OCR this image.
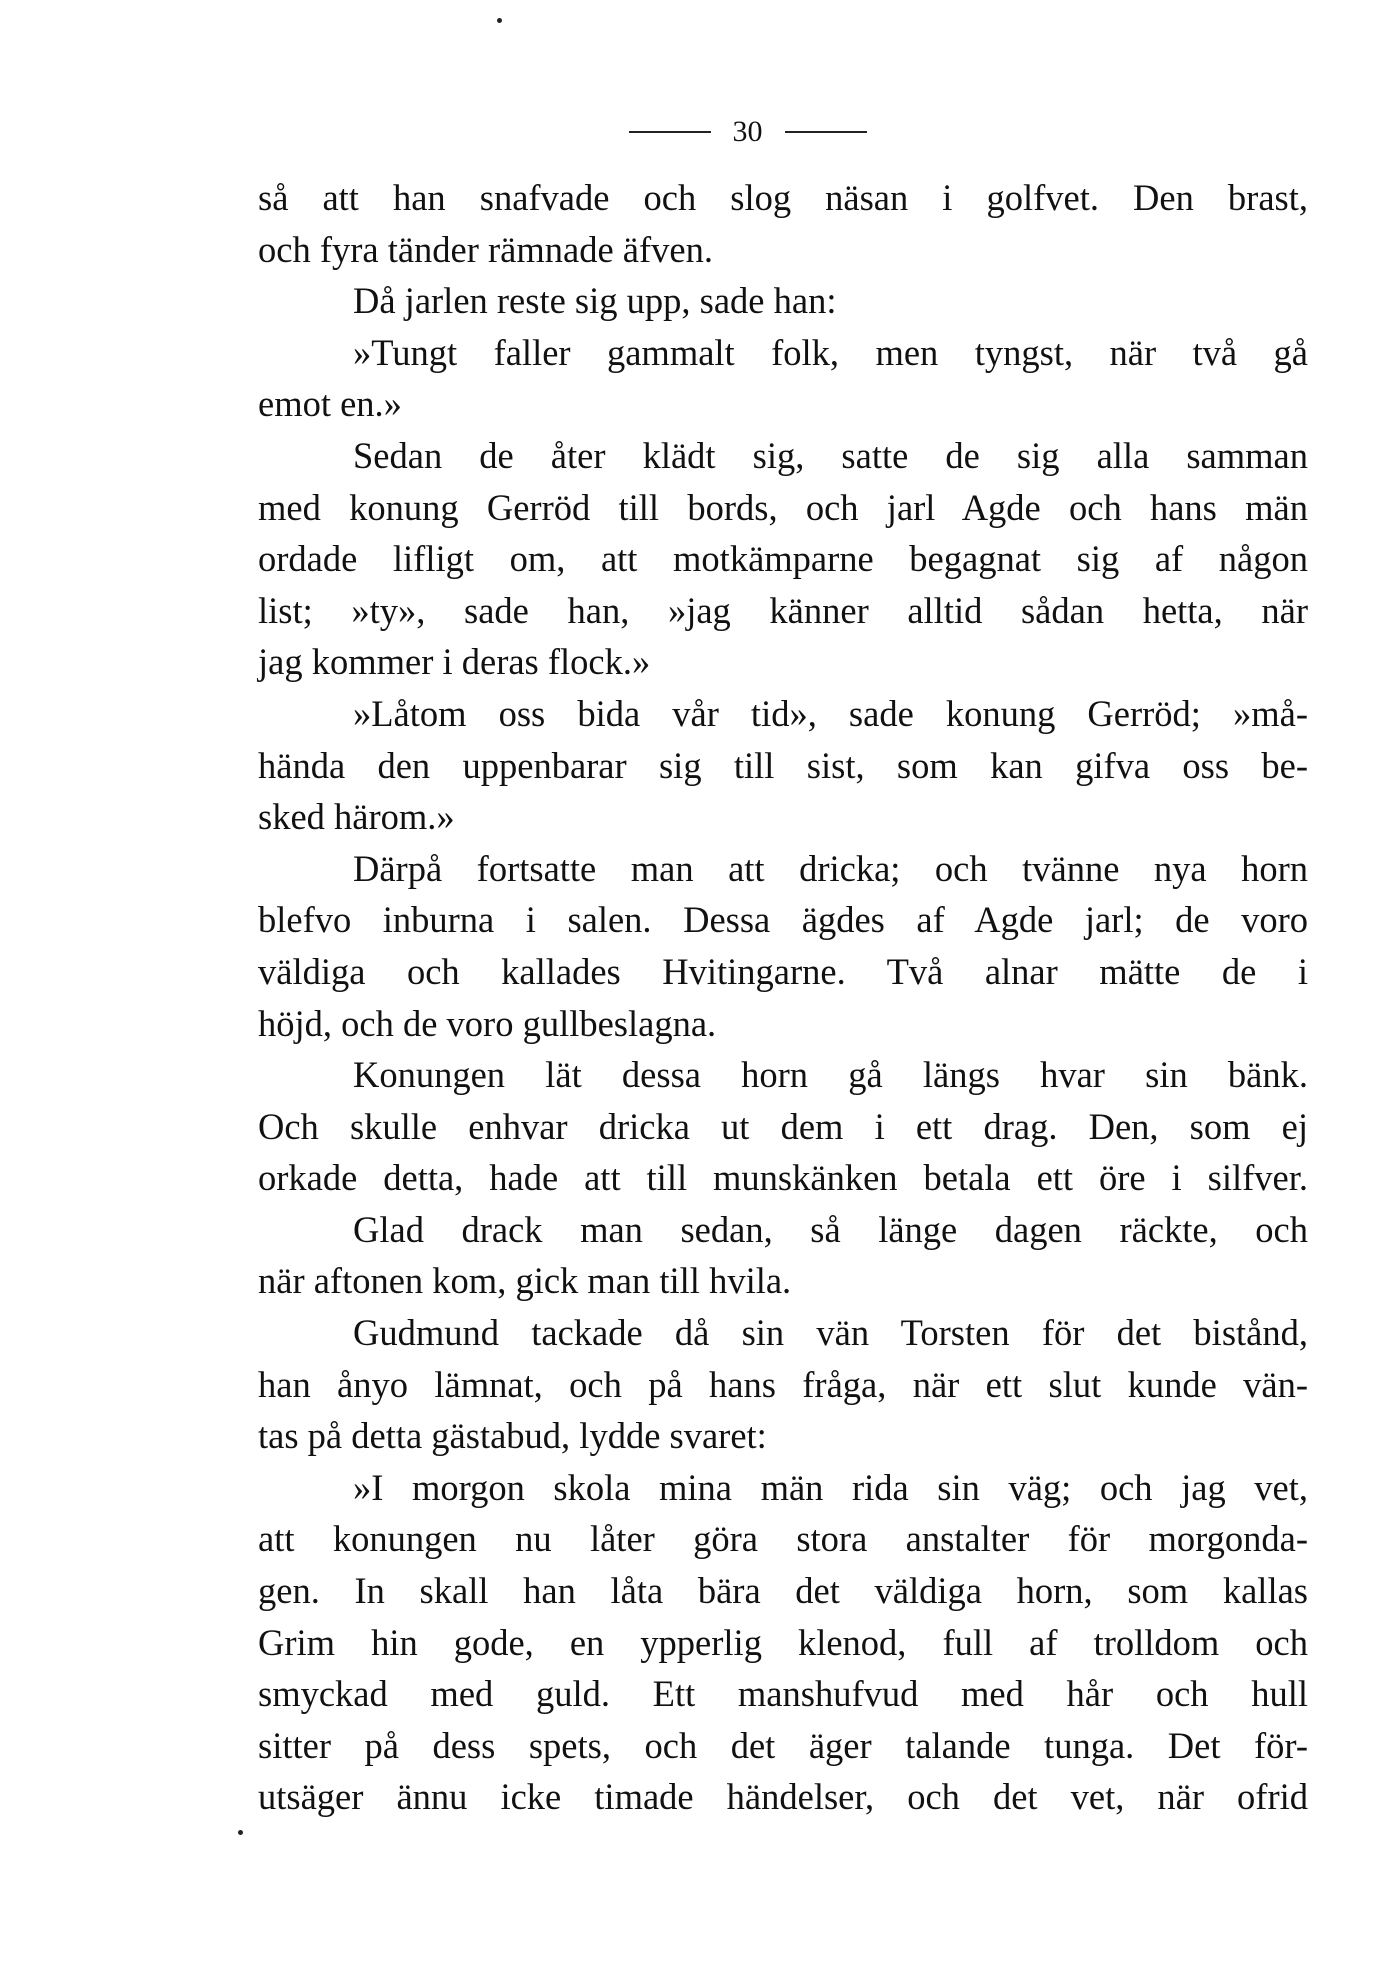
30
så att han snafvade och slog näsan i golfvet. Den brast,
och fyra tänder rämnade äfven.
Då jarlen reste sig upp, sade han:
»Tungt faller gammalt folk, men tyngst, när två gå
emot en.»
Sedan de åter klädt sig, satte de sig alla samman
med konung Gerröd till bords, och jarl Agde och hans män
ordade lifligt om, att motkämparne begagnat sig af någon
list; »ty», sade han, »jag känner alltid sådan hetta, när
jag kommer i deras flock.»
»Låtom oss bida vår tid», sade konung Gerröd; »må-
hända den uppenbarar sig till sist, som kan gifva oss be-
sked härom.»
Därpå fortsatte man att dricka; och tvänne nya horn
blefvo inburna i salen. Dessa ägdes af Agde jarl; de voro
väldiga och kallades Hvitingarne. Två alnar mätte de i
höjd, och de voro gullbeslagna.
Konungen lät dessa horn gå längs hvar sin bänk.
Och skulle enhvar dricka ut dem i ett drag. Den, som ej
orkade detta, hade att till munskänken betala ett öre i silfver.
Glad drack man sedan, så länge dagen räckte, och
när aftonen kom, gick man till hvila.
Gudmund tackade då sin vän Torsten för det bistånd,
han ånyo lämnat, och på hans fråga, när ett slut kunde vän-
tas på detta gästabud, lydde svaret:
»I morgon skola mina män rida sin väg; och jag vet,
att konungen nu låter göra stora anstalter för morgonda-
gen. In skall han låta bära det väldiga horn, som kallas
Grim hin gode, en ypperlig klenod, full af trolldom och
smyckad med guld. Ett manshufvud med hår och hull
sitter på dess spets, och det äger talande tunga. Det för-
utsäger ännu icke timade händelser, och det vet, när ofrid
